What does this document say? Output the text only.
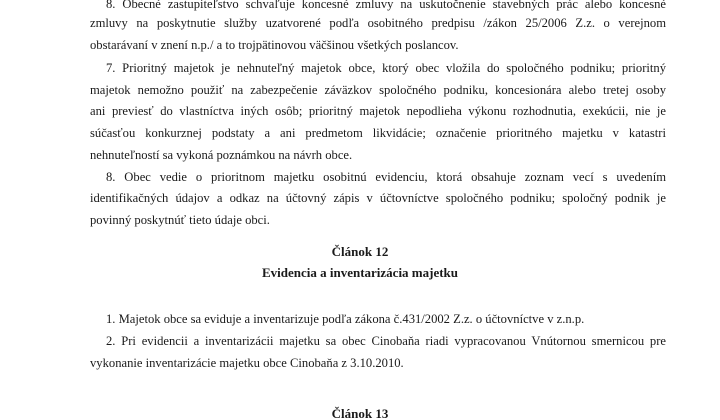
8. Obecné zastupiteľstvo schvaľuje koncesné zmluvy na uskutočnenie stavebných prác alebo koncesné
zmluvy na poskytnutie služby uzatvorené podľa osobitného predpisu /zákon 25/2006 Z.z. o verejnom
obstarávaní v znení n.p./ a to trojpätinovou väčšinou všetkých poslancov.
7. Prioritný majetok je nehnuteľný majetok obce, ktorý obec vložila do spoločného podniku; prioritný
majetok nemožno použiť na zabezpečenie záväzkov spoločného podniku, koncesionára alebo tretej osoby
ani previesť do vlastníctva iných osôb; prioritný majetok nepodlieha výkonu rozhodnutia, exekúcii, nie je
súčasťou konkurznej podstaty a ani predmetom likvidácie; označenie prioritného majetku v katastri
nehnuteľností sa vykoná poznámkou na návrh obce.
8. Obec vedie o prioritnom majetku osobitnú evidenciu, ktorá obsahuje zoznam vecí s uvedením
identifikačných údajov a odkaz na účtovný zápis v účtovníctve spoločného podniku; spoločný podnik je
povinný poskytnúť tieto údaje obci.
Článok 12
Evidencia a inventarizácia majetku
1. Majetok obce sa eviduje a inventarizuje podľa zákona č.431/2002 Z.z. o účtovníctve v z.n.p.
2. Pri evidencii a inventarizácii majetku sa obec Cinobaňa riadi vypracovanou Vnútornou smernicou pre
vykonanie inventarizácie majetku obce Cinobaňa z 3.10.2010.
Článok 13
